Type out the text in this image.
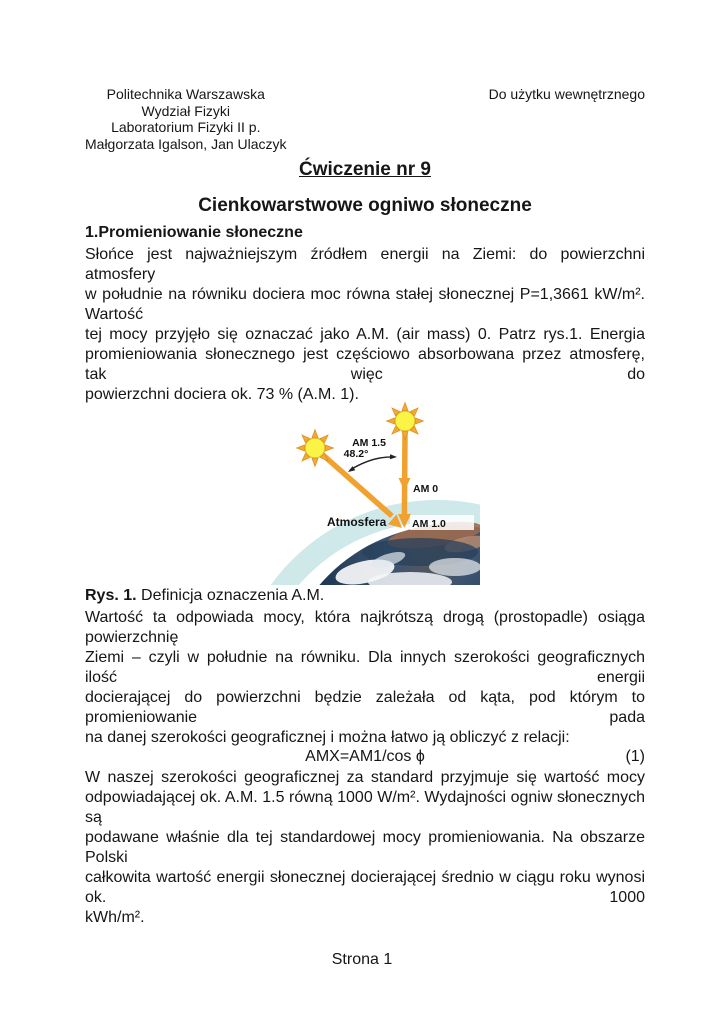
Politechnika Warszawska
Wydział Fizyki
Laboratorium Fizyki II p.
Małgorzata Igalson, Jan Ulaczyk
Do użytku wewnętrznego
Ćwiczenie nr 9
Cienkowarstwowe ogniwo słoneczne
1.Promieniowanie słoneczne
Słońce jest najważniejszym źródłem energii na Ziemi: do powierzchni atmosfery
w południe na równiku dociera moc równa stałej słonecznej P=1,3661 kW/m². Wartość
tej mocy przyjęło się oznaczać jako A.M. (air mass) 0. Patrz rys.1. Energia
promieniowania słonecznego jest częściowo absorbowana przez atmosferę, tak więc do
powierzchni dociera ok. 73 % (A.M. 1).
AM 1.5
48.2°
AM 0
Atmosfera AM 1.0
Rys. 1. Definicja oznaczenia A.M.
Wartość ta odpowiada mocy, która najkrótszą drogą (prostopadle) osiąga powierzchnię
Ziemi – czyli w południe na równiku. Dla innych szerokości geograficznych ilość energii
docierającej do powierzchni będzie zależała od kąta, pod którym to promieniowanie pada
na danej szerokości geograficznej i można łatwo ją obliczyć z relacji:
AMX=AM1/cos ϕ	(1)
W naszej szerokości geograficznej za standard przyjmuje się wartość mocy
odpowiadającej ok. A.M. 1.5 równą 1000 W/m². Wydajności ogniw słonecznych są
podawane właśnie dla tej standardowej mocy promieniowania. Na obszarze Polski
całkowita wartość energii słonecznej docierającej średnio w ciągu roku wynosi ok. 1000
kWh/m².
Strona 1
